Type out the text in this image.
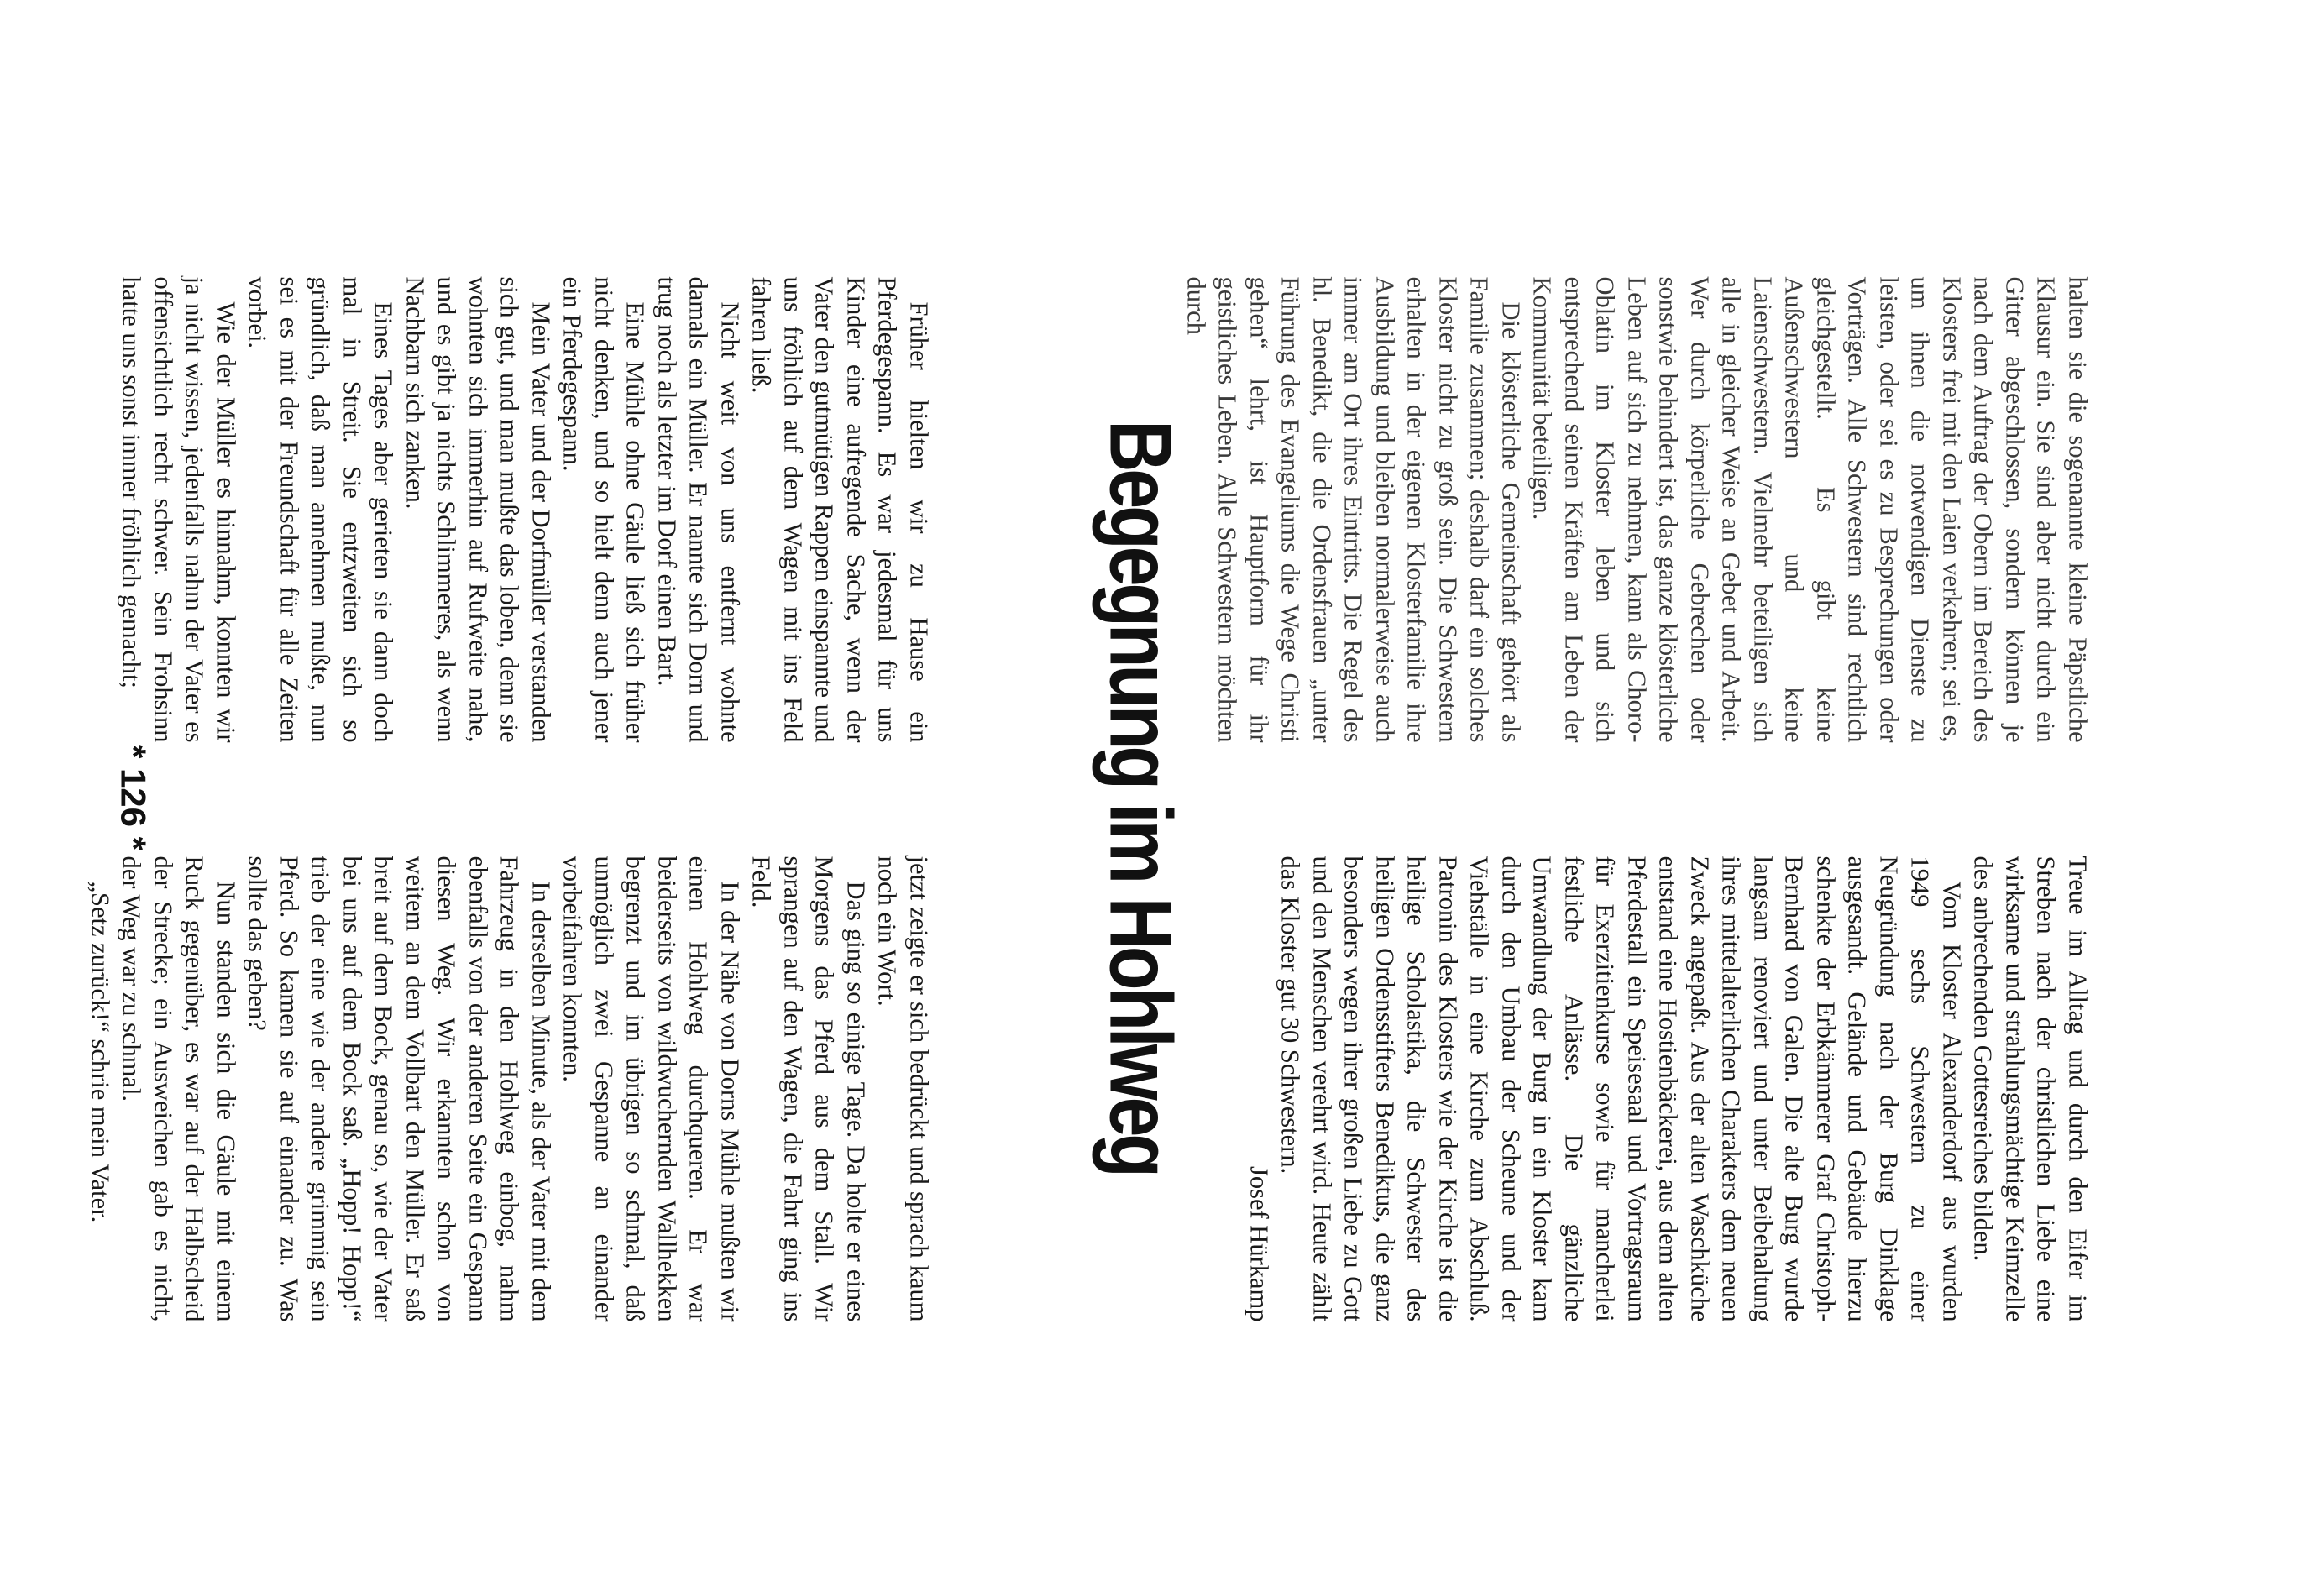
halten sie die sogenannte kleine Päpstliche Klausur ein. Sie sind aber nicht durch ein Gitter abgeschlossen, sondern können je nach dem Auftrag der Obern im Bereich des Klosters frei mit den Laien verkehren; sei es, um ihnen die notwendigen Dienste zu leisten, oder sei es zu Besprechungen oder Vorträgen. Alle Schwestern sind rechtlich gleichgestellt. Es gibt keine Außenschwestern und keine Laienschwestern. Vielmehr beteiligen sich alle in gleicher Weise an Gebet und Arbeit. Wer durch körperliche Gebrechen oder sonstwie behindert ist, das ganze klösterliche Leben auf sich zu nehmen, kann als Choro-Oblatin im Kloster leben und sich entsprechend seinen Kräften am Leben der Kommunität beteiligen.

Die klösterliche Gemeinschaft gehört als Familie zusammen; deshalb darf ein solches Kloster nicht zu groß sein. Die Schwestern erhalten in der eigenen Klosterfamilie ihre Ausbildung und bleiben normalerweise auch immer am Ort ihres Eintritts. Die Regel des hl. Benedikt, die die Ordensfrauen „unter Führung des Evangeliums die Wege Christi gehen“ lehrt, ist Hauptform für ihr geistliches Leben. Alle Schwestern möchten durch

Treue im Alltag und durch den Eifer im Streben nach der christlichen Liebe eine wirksame und strahlungsmächtige Keimzelle des anbrechenden Gottesreiches bilden.

Vom Kloster Alexanderdorf aus wurden 1949 sechs Schwestern zu einer Neugründung nach der Burg Dinklage ausgesandt. Gelände und Gebäude hierzu schenkte der Erbkämmerer Graf Christoph-Bernhard von Galen. Die alte Burg wurde langsam renoviert und unter Beibehaltung ihres mittelalterlichen Charakters dem neuen Zweck angepaßt. Aus der alten Waschküche entstand eine Hostienbäckerei, aus dem alten Pferdestall ein Speisesaal und Vortragsraum für Exerzitienkurse sowie für mancherlei festliche Anlässe. Die gänzliche Umwandlung der Burg in ein Kloster kam durch den Umbau der Scheune und der Viehställe in eine Kirche zum Abschluß. Patronin des Klosters wie der Kirche ist die heilige Scholastika, die Schwester des heiligen Ordensstifters Benediktus, die ganz besonders wegen ihrer großen Liebe zu Gott und den Menschen verehrt wird. Heute zählt das Kloster gut 30 Schwestern.

Josef Hürkamp
Begegnung im Hohlweg

Früher hielten wir zu Hause ein Pferdegespann. Es war jedesmal für uns Kinder eine aufregende Sache, wenn der Vater den gutmütigen Rappen einspannte und uns fröhlich auf dem Wagen mit ins Feld fahren ließ.

Nicht weit von uns entfernt wohnte damals ein Müller. Er nannte sich Dorn und trug noch als letzter im Dorf einen Bart.

Eine Mühle ohne Gäule ließ sich früher nicht denken, und so hielt denn auch jener ein Pferdegespann.

Mein Vater und der Dorfmüller verstanden sich gut, und man mußte das loben, denn sie wohnten sich immerhin auf Rufweite nahe, und es gibt ja nichts Schlimmeres, als wenn Nachbarn sich zanken.

Eines Tages aber gerieten sie dann doch mal in Streit. Sie entzweiten sich so gründlich, daß man annehmen mußte, nun sei es mit der Freundschaft für alle Zeiten vorbei.

Wie der Müller es hinnahm, konnten wir ja nicht wissen, jedenfalls nahm der Vater es offensichtlich recht schwer. Sein Frohsinn hatte uns sonst immer fröhlich gemacht;

jetzt zeigte er sich bedrückt und sprach kaum noch ein Wort.

Das ging so einige Tage. Da holte er eines Morgens das Pferd aus dem Stall. Wir sprangen auf den Wagen, die Fahrt ging ins Feld.

In der Nähe von Dorns Mühle mußten wir einen Hohlweg durchqueren. Er war beiderseits von wildwuchernden Wallhekken begrenzt und im übrigen so schmal, daß unmöglich zwei Gespanne an einander vorbeifahren konnten.

In derselben Minute, als der Vater mit dem Fahrzeug in den Hohlweg einbog, nahm ebenfalls von der anderen Seite ein Gespann diesen Weg. Wir erkannten schon von weitem an dem Vollbart den Müller. Er saß breit auf dem Bock, genau so, wie der Vater bei uns auf dem Bock saß. „Hopp! Hopp!“ trieb der eine wie der andere grimmig sein Pferd. So kamen sie auf einander zu. Was sollte das geben?

Nun standen sich die Gäule mit einem Ruck gegenüber, es war auf der Halbscheid der Strecke; ein Ausweichen gab es nicht, der Weg war zu schmal.

„Setz zurück!“ schrie mein Vater.

* 126 *
